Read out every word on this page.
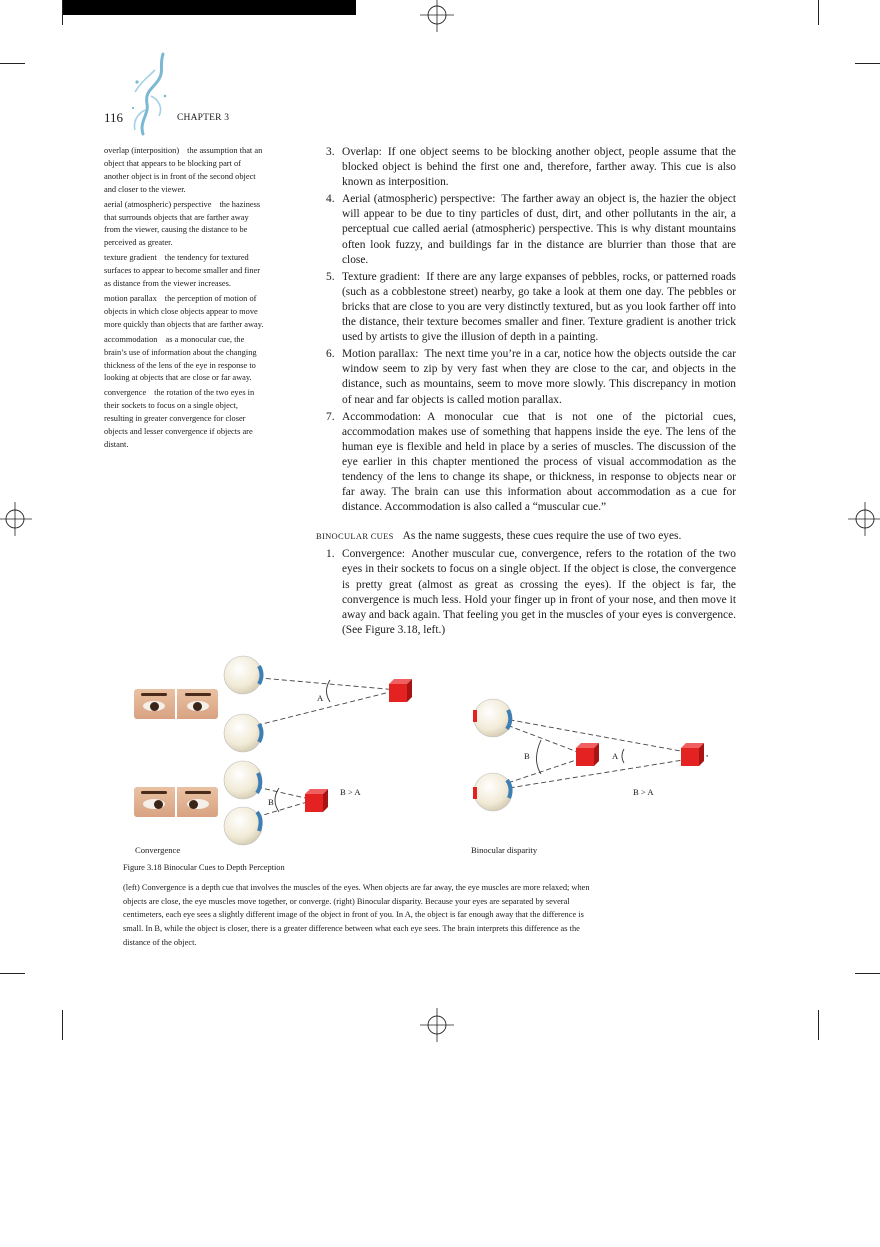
116	CHAPTER 3
overlap (interposition) the assumption that an object that appears to be blocking part of another object is in front of the second object and closer to the viewer.
aerial (atmospheric) perspective the haziness that surrounds objects that are farther away from the viewer, causing the distance to be perceived as greater.
texture gradient the tendency for textured surfaces to appear to become smaller and finer as distance from the viewer increases.
motion parallax the perception of motion of objects in which close objects appear to move more quickly than objects that are farther away.
accommodation as a monocular cue, the brain’s use of information about the changing thickness of the lens of the eye in response to looking at objects that are close or far away.
convergence the rotation of the two eyes in their sockets to focus on a single object, resulting in greater convergence for closer objects and lesser convergence if objects are distant.
3. Overlap: If one object seems to be blocking another object, people assume that the blocked object is behind the first one and, therefore, farther away. This cue is also known as interposition.
4. Aerial (atmospheric) perspective: The farther away an object is, the hazier the object will appear to be due to tiny particles of dust, dirt, and other pollutants in the air, a perceptual cue called aerial (atmospheric) perspective. This is why distant mountains often look fuzzy, and buildings far in the distance are blurrier than those that are close.
5. Texture gradient: If there are any large expanses of pebbles, rocks, or patterned roads (such as a cobblestone street) nearby, go take a look at them one day. The pebbles or bricks that are close to you are very distinctly textured, but as you look farther off into the distance, their texture becomes smaller and finer. Texture gradient is another trick used by artists to give the illusion of depth in a painting.
6. Motion parallax: The next time you’re in a car, notice how the objects outside the car window seem to zip by very fast when they are close to the car, and objects in the distance, such as mountains, seem to move more slowly. This discrepancy in motion of near and far objects is called motion parallax.
7. Accommodation: A monocular cue that is not one of the pictorial cues, accommodation makes use of something that happens inside the eye. The lens of the human eye is flexible and held in place by a series of muscles. The discussion of the eye earlier in this chapter mentioned the process of visual accommodation as the tendency of the lens to change its shape, or thickness, in response to objects near or far away. The brain can use this information about accommodation as a cue for distance. Accommodation is also called a “muscular cue.”
BINOCULAR CUES As the name suggests, these cues require the use of two eyes.
1. Convergence: Another muscular cue, convergence, refers to the rotation of the two eyes in their sockets to focus on a single object. If the object is close, the convergence is pretty great (almost as great as crossing the eyes). If the object is far, the convergence is much less. Hold your finger up in front of your nose, and then move it away and back again. That feeling you get in the muscles of your eyes is convergence. (See Figure 3.18, left.)
A
B
B > A
B	A
B > A
Convergence	Binocular disparity
Figure 3.18 Binocular Cues to Depth Perception
(left) Convergence is a depth cue that involves the muscles of the eyes. When objects are far away, the eye muscles are more relaxed; when objects are close, the eye muscles move together, or converge. (right) Binocular disparity. Because your eyes are separated by several centimeters, each eye sees a slightly different image of the object in front of you. In A, the object is far enough away that the difference is small. In B, while the object is closer, there is a greater difference between what each eye sees. The brain interprets this difference as the distance of the object.
